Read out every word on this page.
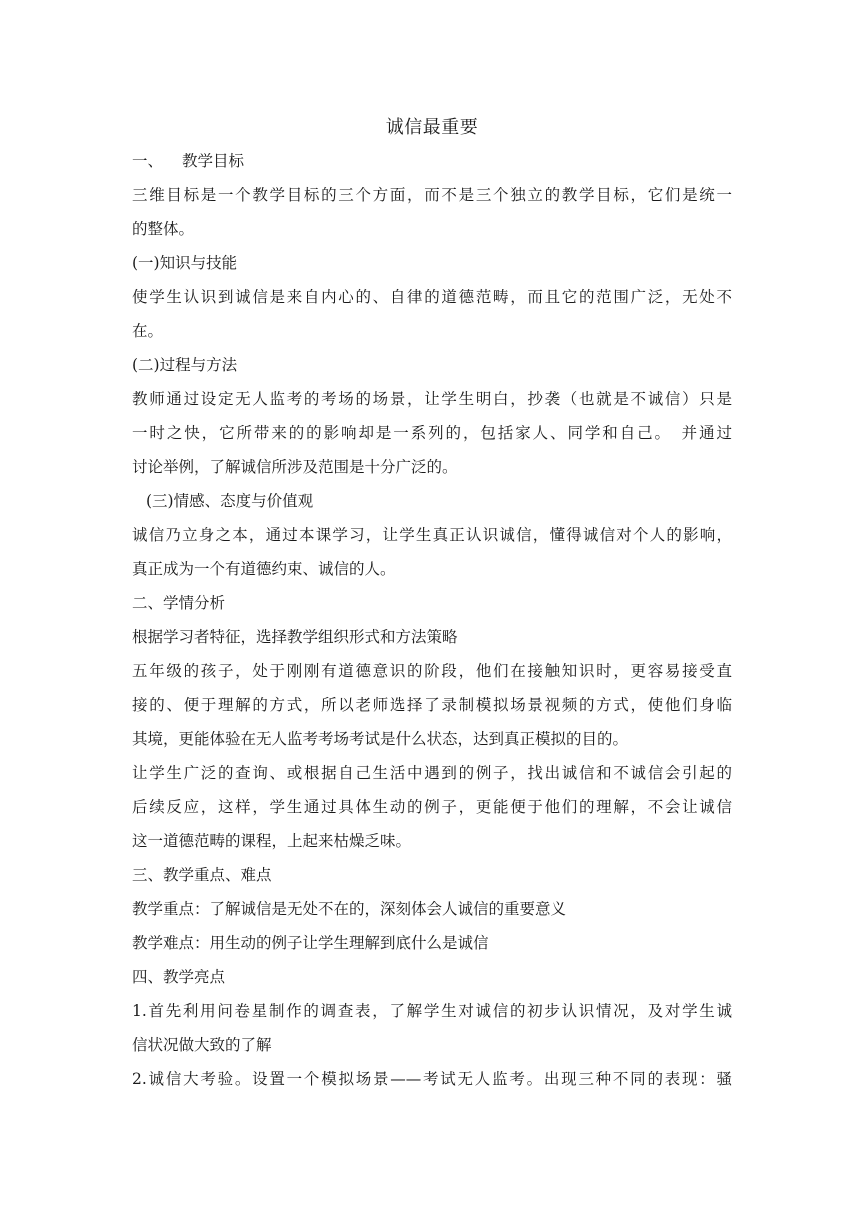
诚信最重要

一、 教学目标

三维目标是一个教学目标的三个方面，而不是三个独立的教学目标，它们是统一

的整体。

(一)知识与技能

使学生认识到诚信是来自内心的、自律的道德范畴，而且它的范围广泛，无处不

在。

(二)过程与方法

教师通过设定无人监考的考场的场景，让学生明白，抄袭（也就是不诚信）只是

一时之快，它所带来的的影响却是一系列的，包括家人、同学和自己。　并通过

讨论举例，了解诚信所涉及范围是十分广泛的。

(三)情感、态度与价值观

诚信乃立身之本，通过本课学习，让学生真正认识诚信，懂得诚信对个人的影响，

真正成为一个有道德约束、诚信的人。

二、学情分析

根据学习者特征，选择教学组织形式和方法策略

五年级的孩子，处于刚刚有道德意识的阶段，他们在接触知识时，更容易接受直

接的、便于理解的方式，所以老师选择了录制模拟场景视频的方式，使他们身临

其境，更能体验在无人监考考场考试是什么状态，达到真正模拟的目的。

让学生广泛的查询、或根据自己生活中遇到的例子，找出诚信和不诚信会引起的

后续反应，这样，学生通过具体生动的例子，更能便于他们的理解，不会让诚信

这一道德范畴的课程，上起来枯燥乏味。

三、教学重点、难点

教学重点：了解诚信是无处不在的，深刻体会人诚信的重要意义

教学难点：用生动的例子让学生理解到底什么是诚信

四、教学亮点

1.首先利用问卷星制作的调查表，了解学生对诚信的初步认识情况，及对学生诚

信状况做大致的了解

2.诚信大考验。设置一个模拟场景——考试无人监考。出现三种不同的表现：骚
